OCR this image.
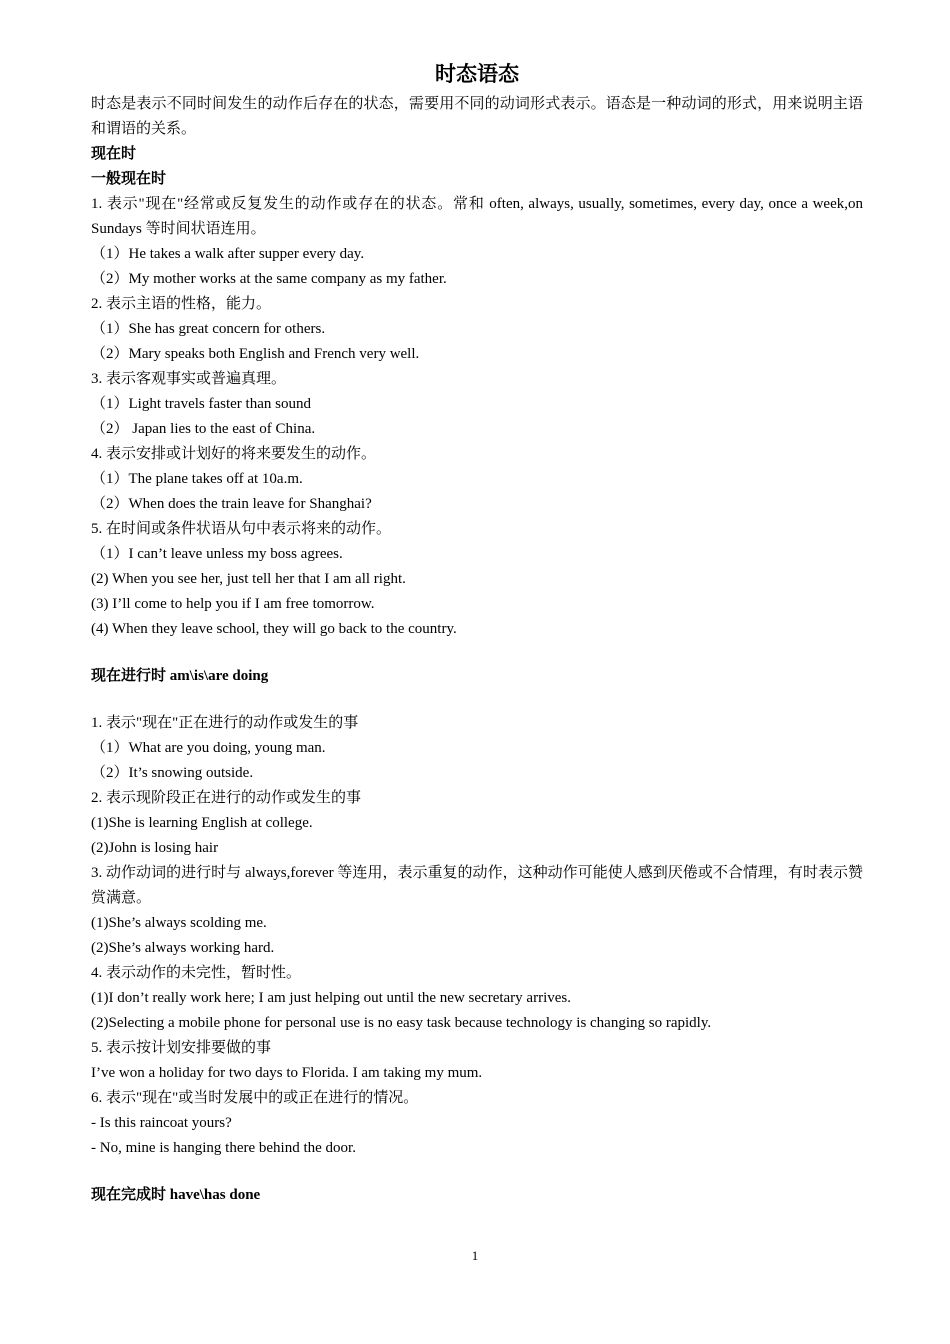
时态语态

时态是表示不同时间发生的动作后存在的状态，需要用不同的动词形式表示。语态是一种动词的形式，用来说明主语和谓语的关系。

现在时

一般现在时

1. 表示"现在"经常或反复发生的动作或存在的状态。常和 often, always, usually, sometimes, every day, once a week,on Sundays 等时间状语连用。

（1）He takes a walk after supper every day.

（2）My mother works at the same company as my father.

2. 表示主语的性格，能力。

（1）She has great concern for others.

（2）Mary speaks both English and French very well.

3. 表示客观事实或普遍真理。

（1）Light travels faster than sound

（2） Japan lies to the east of China.

4. 表示安排或计划好的将来要发生的动作。

（1）The plane takes off at 10a.m.

（2）When does the train leave for Shanghai?

5. 在时间或条件状语从句中表示将来的动作。

（1）I can’t leave unless my boss agrees.

(2) When you see her, just tell her that I am all right.

(3) I’ll come to help you if I am free tomorrow.

(4) When they leave school, they will go back to the country.

现在进行时 am\is\are doing

1. 表示"现在"正在进行的动作或发生的事

（1）What are you doing, young man.

（2）It’s snowing outside.

2. 表示现阶段正在进行的动作或发生的事

(1)She is learning English at college.

(2)John is losing hair

3. 动作动词的进行时与 always,forever 等连用，表示重复的动作，这种动作可能使人感到厌倦或不合情理，有时表示赞赏满意。

(1)She’s always scolding me.

(2)She’s always working hard.

4. 表示动作的未完性，暂时性。

(1)I don’t really work here; I am just helping out until the new secretary arrives.

(2)Selecting a mobile phone for personal use is no easy task because technology is changing so rapidly.

5. 表示按计划安排要做的事

I’ve won a holiday for two days to Florida. I am taking my mum.

6. 表示"现在"或当时发展中的或正在进行的情况。

- Is this raincoat yours?

- No, mine is hanging there behind the door.

现在完成时 have\has done

1
